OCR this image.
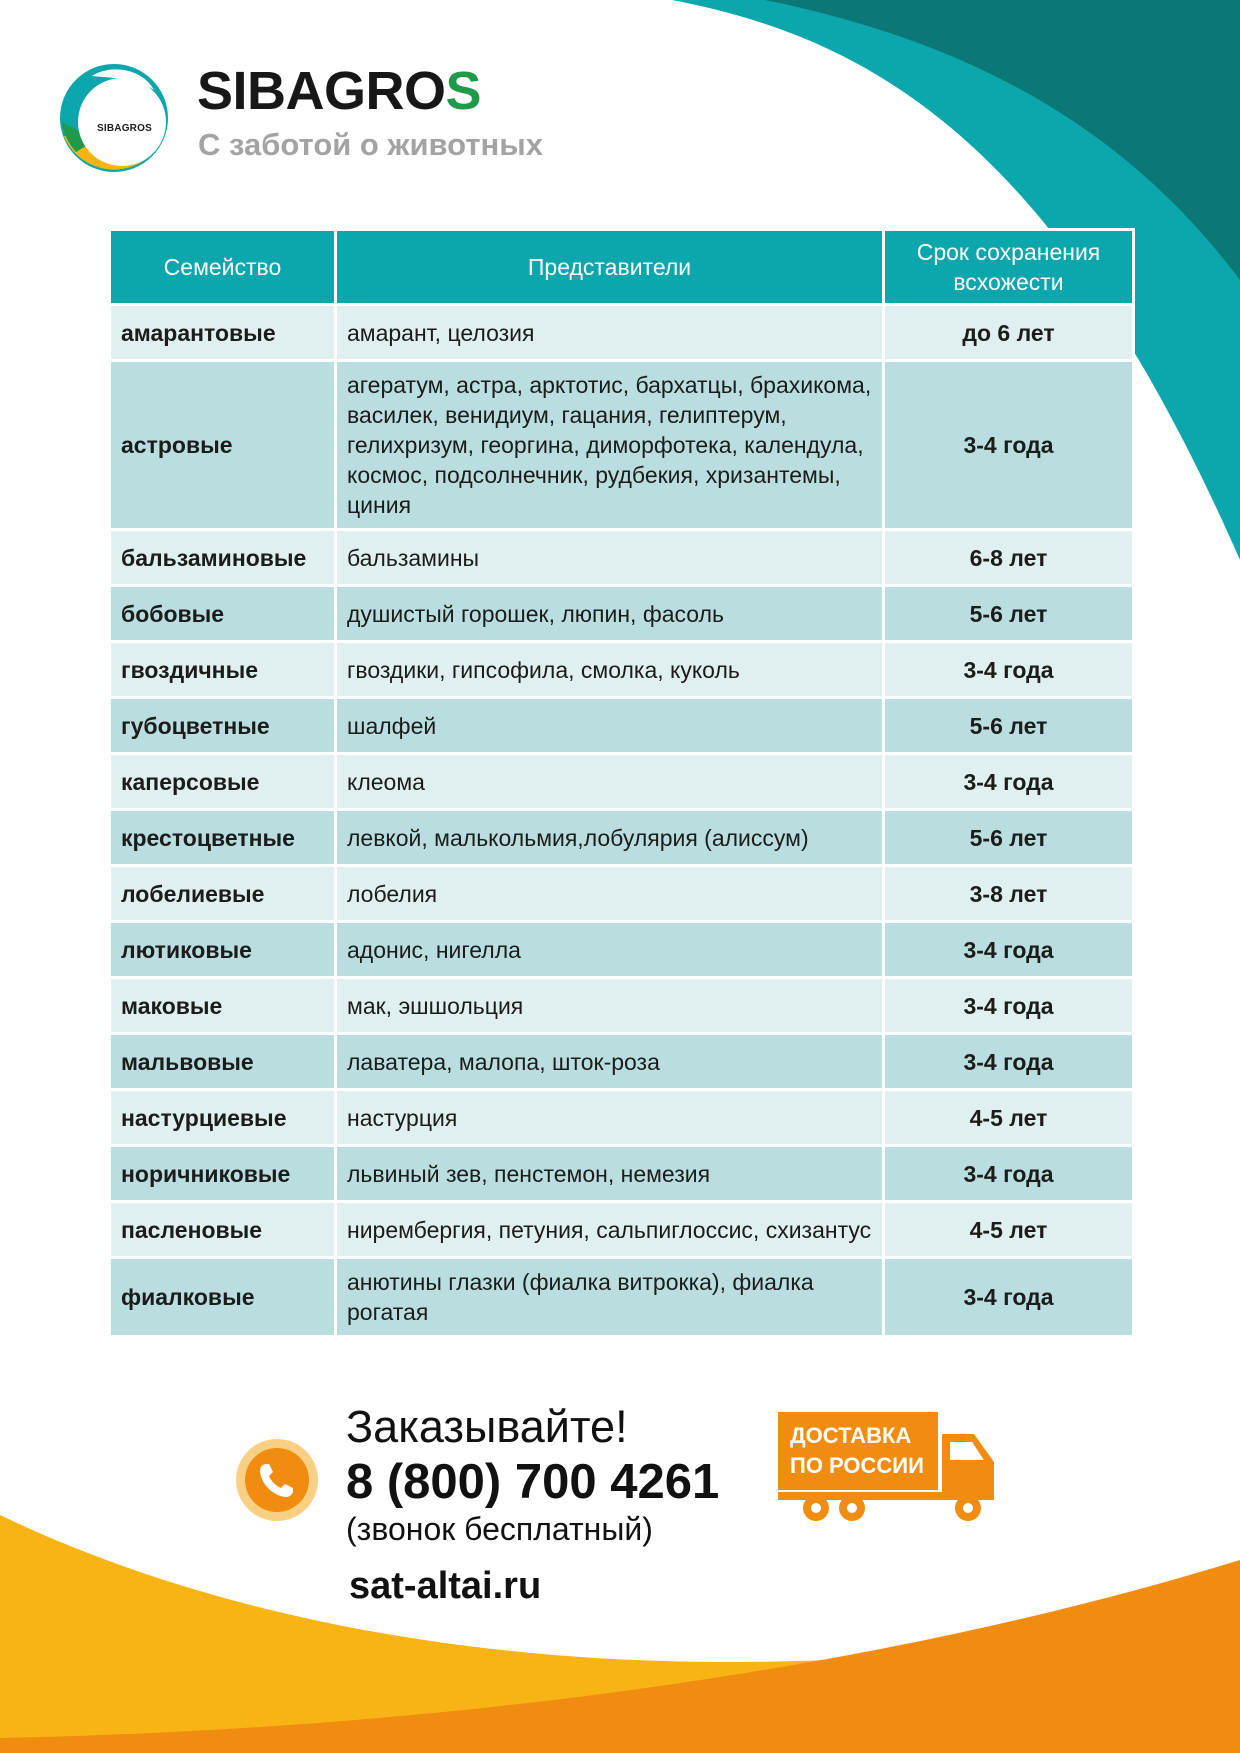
SIBAGROS
SIBAGROS
С заботой о животных
Семейство	Представители	Срок сохранения всхожести
амарантовые	амарант, целозия	до 6 лет
астровые	агератум, астра, арктотис, бархатцы, брахикома, василек, венидиум, гацания, гелиптерум, гелихризум, георгина, диморфотека, календула, космос, подсолнечник, рудбекия, хризантемы, циния	3-4 года
бальзаминовые	бальзамины	6-8 лет
бобовые	душистый горошек, люпин, фасоль	5-6 лет
гвоздичные	гвоздики, гипсофила, смолка, куколь	3-4 года
губоцветные	шалфей	5-6 лет
каперсовые	клеома	3-4 года
крестоцветные	левкой, малькольмия,лобулярия (алиссум)	5-6 лет
лобелиевые	лобелия	3-8 лет
лютиковые	адонис, нигелла	3-4 года
маковые	мак, эшшольция	3-4 года
мальвовые	лаватера, малопа, шток-роза	3-4 года
настурциевые	настурция	4-5 лет
норичниковые	львиный зев, пенстемон, немезия	3-4 года
пасленовые	нирембергия, петуния, сальпиглоссис, схизантус	4-5 лет
фиалковые	анютины глазки (фиалка витрокка), фиалка рогатая	3-4 года
Заказывайте!
8 (800) 700 4261
(звонок бесплатный)
sat-altai.ru
ДОСТАВКА
ПО РОССИИ
